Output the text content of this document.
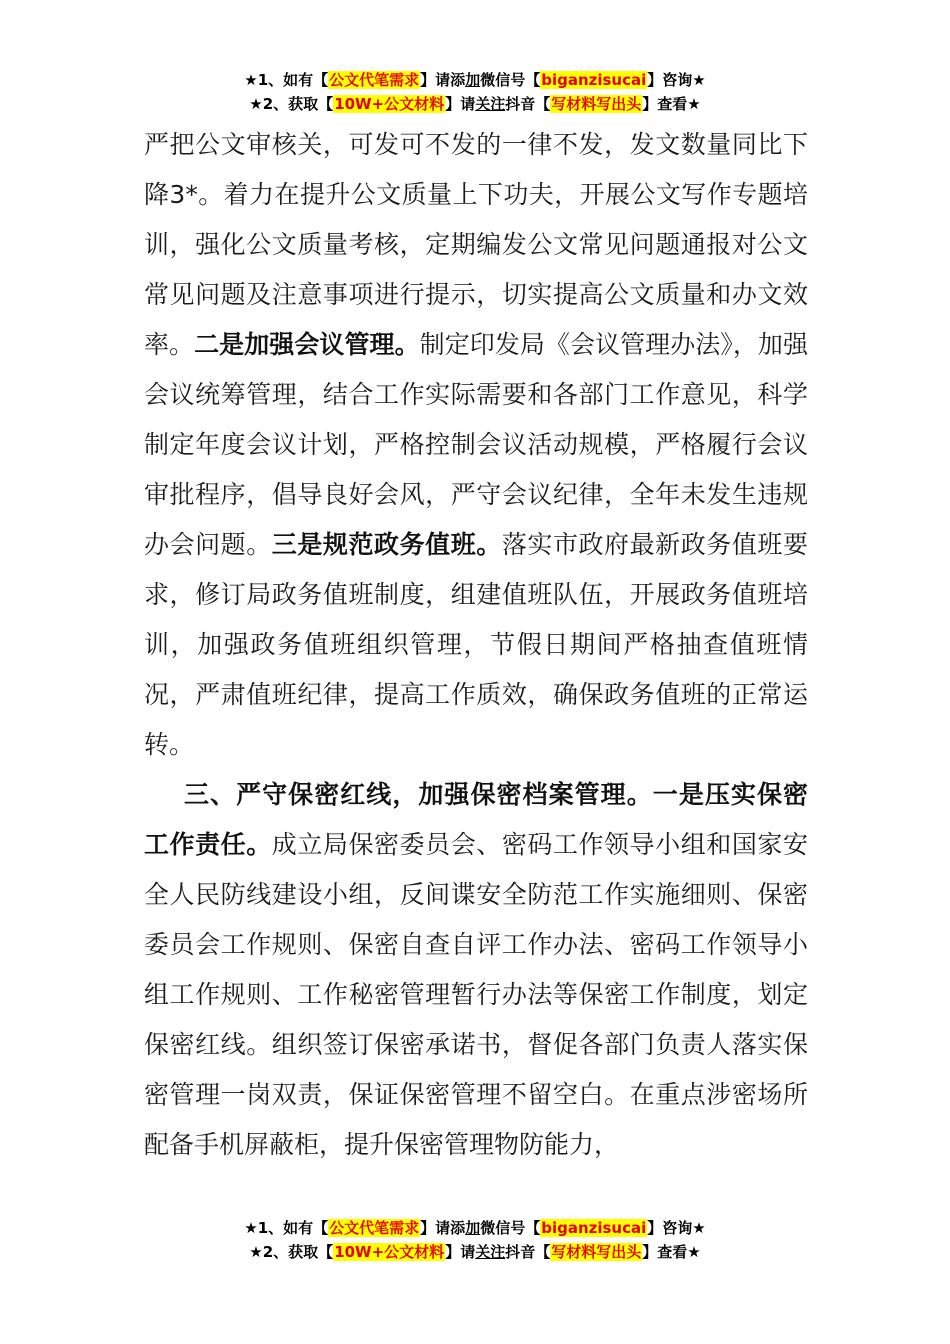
★1、如有【公文代笔需求】请添加微信号【biganzisucai】咨询★
★2、获取【10W+公文材料】请关注抖音【写材料写出头】查看★

严把公文审核关，可发可不发的一律不发，发文数量同比下降3*。着力在提升公文质量上下功夫，开展公文写作专题培训，强化公文质量考核，定期编发公文常见问题通报对公文常见问题及注意事项进行提示，切实提高公文质量和办文效率。二是加强会议管理。制定印发局《会议管理办法》，加强会议统筹管理，结合工作实际需要和各部门工作意见，科学制定年度会议计划，严格控制会议活动规模，严格履行会议审批程序，倡导良好会风，严守会议纪律，全年未发生违规办会问题。三是规范政务值班。落实市政府最新政务值班要求，修订局政务值班制度，组建值班队伍，开展政务值班培训，加强政务值班组织管理，节假日期间严格抽查值班情况，严肃值班纪律，提高工作质效，确保政务值班的正常运转。

三、严守保密红线，加强保密档案管理。一是压实保密工作责任。成立局保密委员会、密码工作领导小组和国家安全人民防线建设小组，反间谍安全防范工作实施细则、保密委员会工作规则、保密自查自评工作办法、密码工作领导小组工作规则、工作秘密管理暂行办法等保密工作制度，划定保密红线。组织签订保密承诺书，督促各部门负责人落实保密管理一岗双责，保证保密管理不留空白。在重点涉密场所配备手机屏蔽柜，提升保密管理物防能力，

★1、如有【公文代笔需求】请添加微信号【biganzisucai】咨询★
★2、获取【10W+公文材料】请关注抖音【写材料写出头】查看★
